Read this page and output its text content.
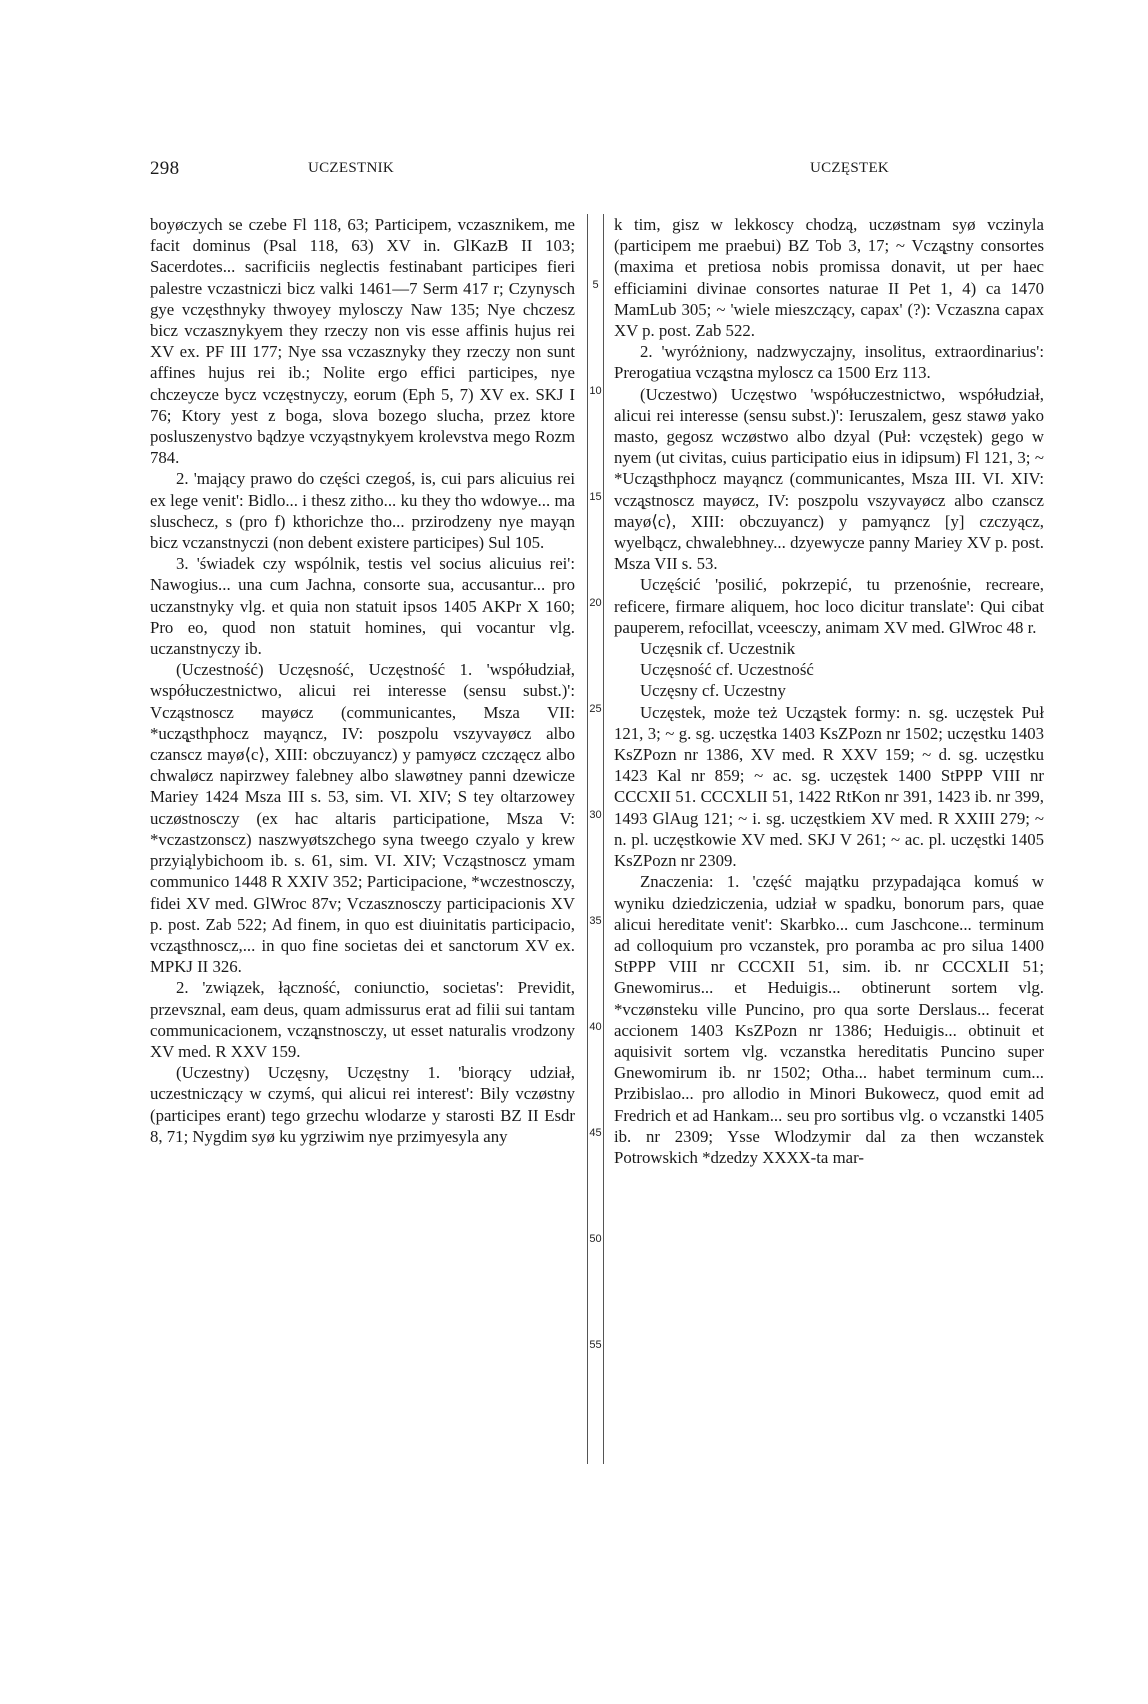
298	UCZESTNIK	UCZĘSTEK

boyøczych se czebe Fl 118, 63; Participem, vczasznikem, me facit dominus (Psal 118, 63) XV in. GlKazB II 103; Sacerdotes... sacrificiis neglectis festinabant participes fieri palestre vczastniczi bicz valki 1461—7 Serm 417 r; Czynysch gye vczęsthnyky thwoyey mylosczy Naw 135; Nye chczesz bicz vczasznykyem they rzeczy non vis esse affinis hujus rei XV ex. PF III 177; Nye ssa vczasznyky they rzeczy non sunt affines hujus rei ib.; Nolite ergo effici participes, nye chczeycze bycz vczęstnyczy, eorum (Eph 5, 7) XV ex. SKJ I 76; Ktory yest z boga, slova bozego slucha, przez ktore posluszenystvo bądzye vczyąstnykyem krolevstva mego Rozm 784.

2. 'mający prawo do części czegoś, is, cui pars alicuius rei ex lege venit': Bidlo... i thesz zitho... ku they tho wdowye... ma sluschecz, s (pro f) kthorichze tho... przirodzeny nye mayąn bicz vczanstnyczi (non debent existere participes) Sul 105.

3. 'świadek czy wspólnik, testis vel socius alicuius rei': Nawogius... una cum Jachna, consorte sua, accusantur... pro uczanstnyky vlg. et quia non statuit ipsos 1405 AKPr X 160; Pro eo, quod non statuit homines, qui vocantur vlg. uczanstnyczy ib.

(Uczestność) Uczęsność, Uczęstność 1. 'współudział, współuczestnictwo, alicui rei interesse (sensu subst.)': Vcząstnoscz mayøcz (communicantes, Msza VII: *uczą̨sthphocz mayąncz, IV: poszpolu vszyvayøcz albo czanscz mayø⟨c⟩, XIII: obczuyancz) y pamyøcz czcząęcz albo chwaløcz napirzwey falebney albo slawøtney panni dzewicze Mariey 1424 Msza III s. 53, sim. VI. XIV; S tey oltarzowey uczøstnosczy (ex hac altaris participatione, Msza V: *vczastzonscz) naszwyøtszchego syna tweego czyalo y krew przyiąlybichoom ib. s. 61, sim. VI. XIV; Vcząstnoscz ymam communico 1448 R XXIV 352; Participacione, *wczestnosczy, fidei XV med. GlWroc 87v; Vczasznosczy participacionis XV p. post. Zab 522; Ad finem, in quo est diuinitatis participacio, vczą̨sthnoscz,... in quo fine societas dei et sanctorum XV ex. MPKJ II 326.

2. 'związek, łączność, coniunctio, societas': Previdit, przevsznal, eam deus, quam admissurus erat ad filii sui tantam communicacionem, vczą̨nstnosczy, ut esset naturalis vrodzony XV med. R XXV 159.

(Uczestny) Uczęsny, Uczęstny 1. 'biorący udział, uczestniczący w czymś, qui alicui rei interest': Bily vczøstny (participes erant) tego grzechu wlodarze y starosti BZ II Esdr 8, 71; Nygdim syø ku ygrziwim nye przimyesyla any

5
10
15
20
25
30
35
40
45
50
55

k tim, gisz w lekkoscy chodzą, uczøstnam syø vczinyla (participem me praebui) BZ Tob 3, 17; ~ Vczą̨stny consortes (maxima et pretiosa nobis promissa donavit, ut per haec efficiamini divinae consortes naturae II Pet 1, 4) ca 1470 MamLub 305; ~ 'wiele mieszczący, capax' (?): Vczaszna capax XV p. post. Zab 522.

2. 'wyróżniony, nadzwyczajny, insolitus, extraordinarius': Prerogatiua vczą̨stna myloscz ca 1500 Erz 113.

(Uczestwo) Uczęstwo 'współuczestnictwo, współudział, alicui rei interesse (sensu subst.)': Ieruszalem, gesz stawø yako masto, gegosz wczøstwo albo dzyal (Puł: vczęstek) gego w nyem (ut civitas, cuius participatio eius in idipsum) Fl 121, 3; ~ *Uczą̨sthphocz mayąncz (communicantes, Msza III. VI. XIV: vczą̨stnoscz mayøcz, IV: poszpolu vszyvayøcz albo czanscz mayø⟨c⟩, XIII: obczuyancz) y pamyąncz [y] czczyącz, wyelbącz, chwalebhney... dzyewycze panny Mariey XV p. post. Msza VII s. 53.

Uczęścić 'posilić, pokrzepić, tu przenośnie, recreare, reficere, firmare aliquem, hoc loco dicitur translate': Qui cibat pauperem, refocillat, vceesczy, animam XV med. GlWroc 48 r.

Uczęsnik cf. Uczestnik

Uczęsność cf. Uczestność

Uczęsny cf. Uczestny

Uczęstek, może też Uczą̨stek formy: n. sg. uczęstek Puł 121, 3; ~ g. sg. uczęstka 1403 KsZPozn nr 1502; uczęstku 1403 KsZPozn nr 1386, XV med. R XXV 159; ~ d. sg. uczęstku 1423 Kal nr 859; ~ ac. sg. uczęstek 1400 StPPP VIII nr CCCXII 51. CCCXLII 51, 1422 RtKon nr 391, 1423 ib. nr 399, 1493 GlAug 121; ~ i. sg. uczęstkiem XV med. R XXIII 279; ~ n. pl. uczęstkowie XV med. SKJ V 261; ~ ac. pl. uczęstki 1405 KsZPozn nr 2309.

Znaczenia: 1. 'część majątku przypadająca komuś w wyniku dziedziczenia, udział w spadku, bonorum pars, quae alicui hereditate venit': Skarbko... cum Jaschcone... terminum ad colloquium pro vczanstek, pro poramba ac pro silua 1400 StPPP VIII nr CCCXII 51, sim. ib. nr CCCXLII 51; Gnewomirus... et Heduigis... obtinerunt sortem vlg. *vczønsteku ville Puncino, pro qua sorte Derslaus... fecerat accionem 1403 KsZPozn nr 1386; Heduigis... obtinuit et aquisivit sortem vlg. vczanstka hereditatis Puncino super Gnewomirum ib. nr 1502; Otha... habet terminum cum... Przibislao... pro allodio in Minori Bukowecz, quod emit ad Fredrich et ad Hankam... seu pro sortibus vlg. o vczanstki 1405 ib. nr 2309; Ysse Wlodzymir dal za then wczanstek Potrowskich *dzedzy XXXX-ta mar-
